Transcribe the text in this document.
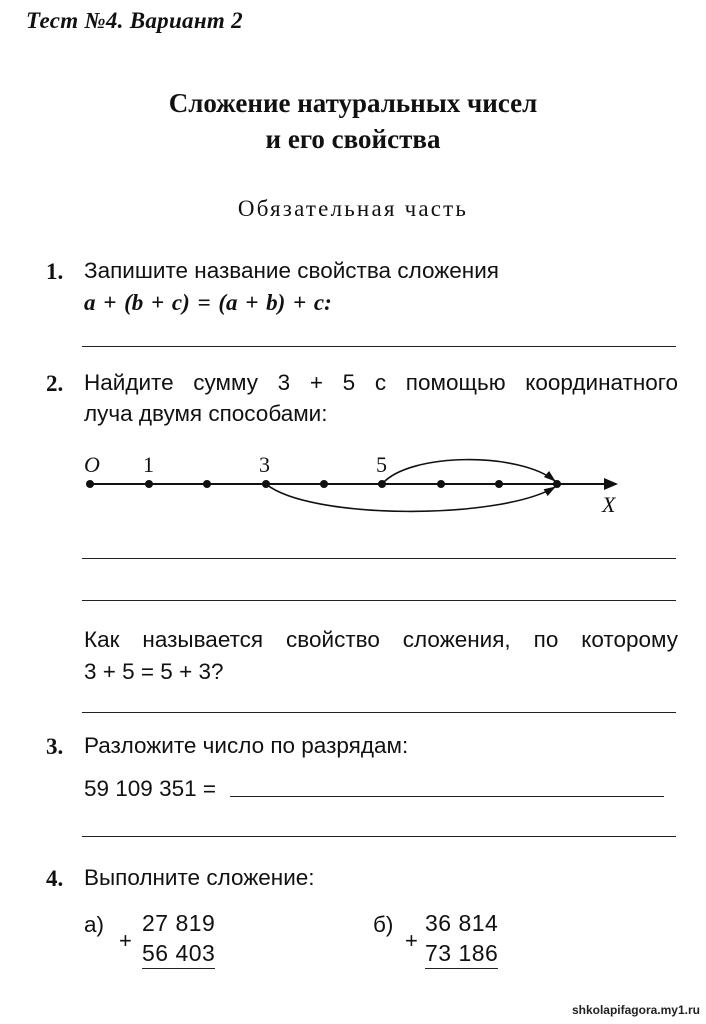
Тест №4. Вариант 2
Сложение натуральных чисел
и его свойства
Обязательная часть
1. Запишите название свойства сложения
a + (b + c) = (a + b) + c:
2. Найдите сумму 3 + 5 с помощью координатного
луча двумя способами:
O 1	3	5
X
Как называется свойство сложения, по которому
3 + 5 = 5 + 3?
3. Разложите число по разрядам:
59 109 351 =
4. Выполните сложение:
а)
+
27 819
56 403
б)
+
36 814
73 186
shkolapifagora.my1.ru
